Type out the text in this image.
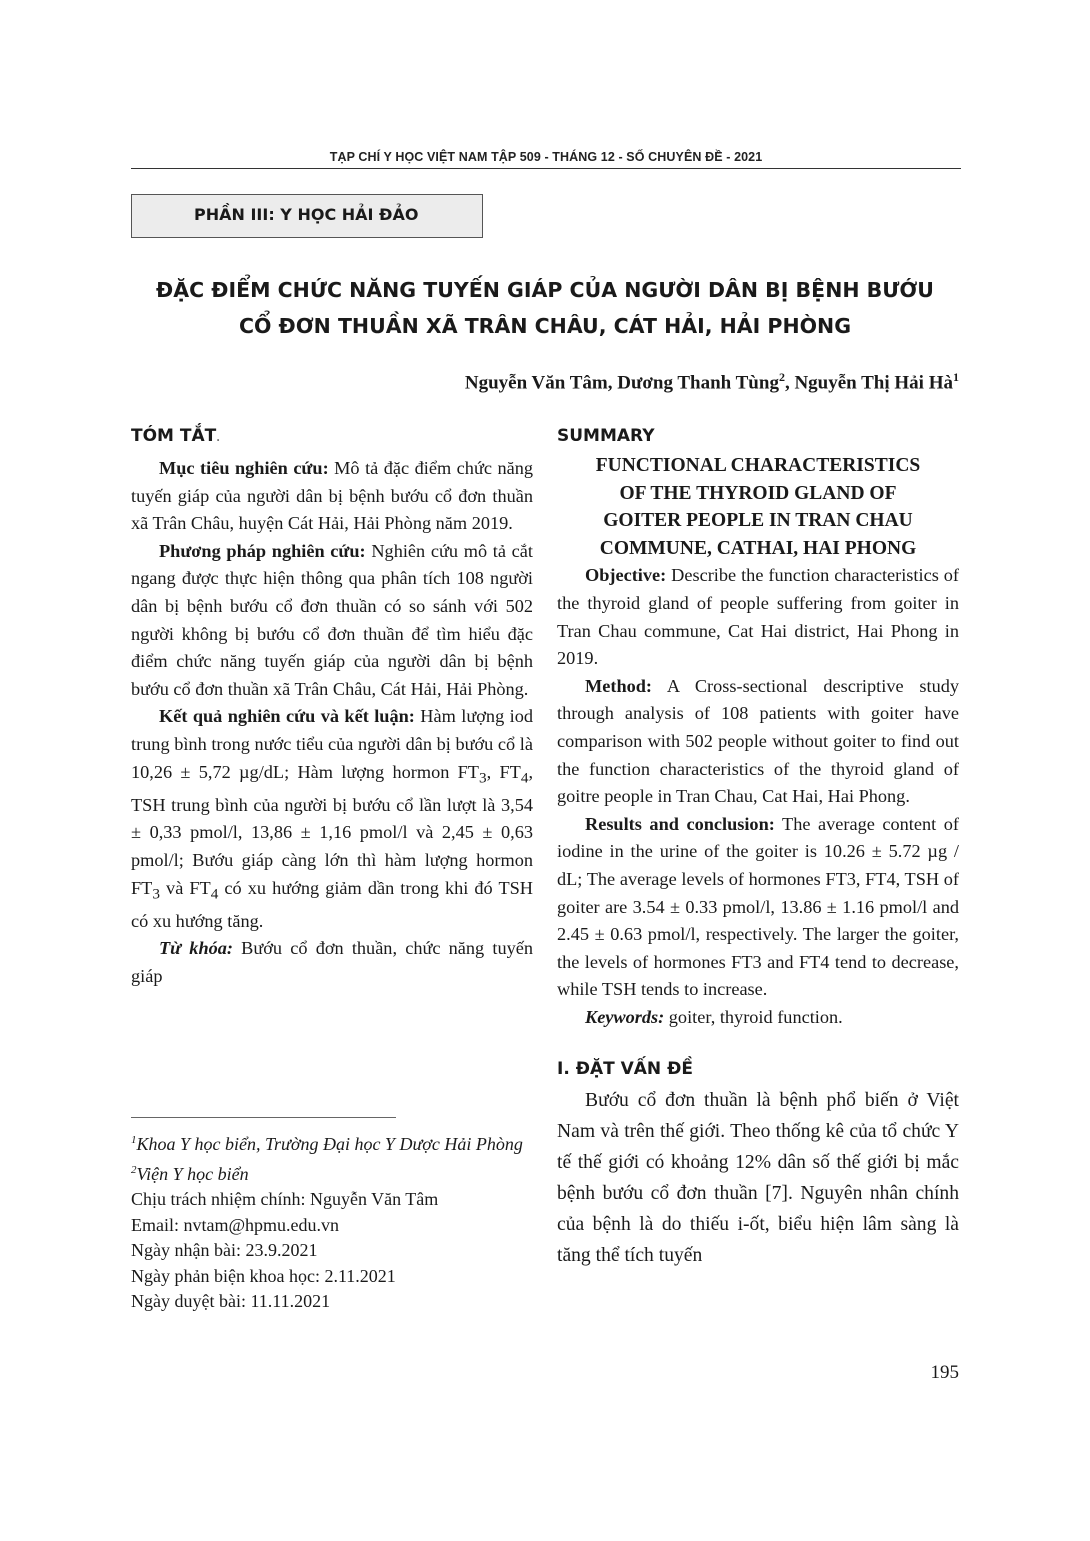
TẠP CHÍ Y HỌC VIỆT NAM TẬP 509 - THÁNG 12 - SỐ CHUYÊN ĐỀ - 2021
PHẦN III: Y HỌC HẢI ĐẢO
ĐẶC ĐIỂM CHỨC NĂNG TUYẾN GIÁP CỦA NGƯỜI DÂN BỊ BỆNH BƯỚU
CỔ ĐƠN THUẦN XÃ TRÂN CHÂU, CÁT HẢI, HẢI PHÒNG
Nguyễn Văn Tâm, Dương Thanh Tùng$^2$, Nguyễn Thị Hải $Hà^1$
TÓM TẮT.

Mục tiêu nghiên cứu: Mô tả đặc điểm chức năng tuyến giáp của người dân bị bệnh bướu cổ đơn thuần xã Trân Châu, huyện Cát Hải, Hải Phòng năm 2019.

Phương pháp nghiên cứu: Nghiên cứu mô tả cắt ngang được thực hiện thông qua phân tích 108 người dân bị bệnh bướu cổ đơn thuần có so sánh với 502 người không bị bướu cổ đơn thuần để tìm hiểu đặc điểm chức năng tuyến giáp của người dân bị bệnh bướu cổ đơn thuần xã Trân Châu, Cát Hải, Hải Phòng.

Kết quả nghiên cứu và kết luận: Hàm lượng iod trung bình trong nước tiểu của người dân bị bướu cổ là 10,26 ± 5,72 µg/dL; Hàm lượng hormon $FT_3$, $FT_4$, TSH trung bình của người bị bướu cổ lần lượt là 3,54 ± 0,33 pmol/l, 13,86 ± 1,16 pmol/l và 2,45 ± 0,63 pmol/l; Bướu giáp càng lớn thì hàm lượng hormon $FT_3$ và $FT_4$ có xu hướng giảm dần trong khi đó TSH có xu hướng tăng.

Từ khóa: Bướu cổ đơn thuần, chức năng tuyến giáp

SUMMARY
FUNCTIONAL CHARACTERISTICS
OF THE THYROID GLAND OF
GOITER PEOPLE IN TRAN CHAU
COMMUNE, CATHAI, HAI PHONG

Objective: Describe the function characteristics of the thyroid gland of people suffering from goiter in Tran Chau commune, Cat Hai district, Hai Phong in 2019.

Method: A Cross-sectional descriptive study through analysis of 108 patients with goiter have comparison with 502 people without goiter to find out the function characteristics of the thyroid gland of goitre people in Tran Chau, Cat Hai, Hai Phong.

Results and conclusion: The average content of iodine in the urine of the goiter is 10.26 ± 5.72 µg / dL; The average levels of hormones FT3, FT4, TSH of goiter are 3.54 ± 0.33 pmol/l, 13.86 ± 1.16 pmol/l and 2.45 ± 0.63 pmol/l, respectively. The larger the goiter, the levels of hormones FT3 and FT4 tend to decrease, while TSH tends to increase.

Keywords: goiter, thyroid function.

I. ĐẶT VẤN ĐỀ

Bướu cổ đơn thuần là bệnh phổ biến ở Việt Nam và trên thế giới. Theo thống kê của tổ chức Y tế thế giới có khoảng 12% dân số thế giới bị mắc bệnh bướu cổ đơn thuần [7]. Nguyên nhân chính của bệnh là do thiếu i-ốt, biểu hiện lâm sàng là tăng thể tích tuyến

$^1$Khoa Y học biển, Trường Đại học Y Dược Hải Phòng
$^2$Viện Y học biển
Chịu trách nhiệm chính: Nguyễn Văn Tâm
Email: nvtam@hpmu.edu.vn
Ngày nhận bài: 23.9.2021
Ngày phản biện khoa học: 2.11.2021
Ngày duyệt bài: 11.11.2021
195
